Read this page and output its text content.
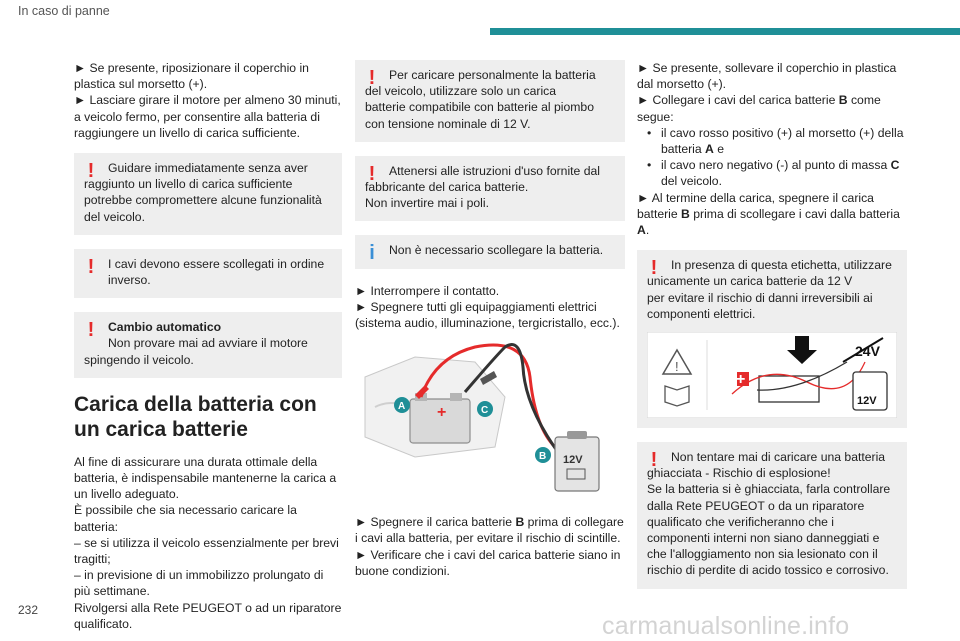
In caso di panne

► Se presente, riposizionare il coperchio in plastica sul morsetto (+).

► Lasciare girare il motore per almeno 30 minuti, a veicolo fermo, per consentire alla batteria di raggiungere un livello di carica sufficiente.

!	Guidare immediatamente senza aver raggiunto un livello di carica sufficiente
potrebbe compromettere alcune funzionalità del veicolo.
!	I cavi devono essere scollegati in ordine inverso.
!	Cambio automatico
Non provare mai ad avviare il motore
spingendo il veicolo.
Carica della batteria con un carica batterie

Al fine di assicurare una durata ottimale della batteria, è indispensabile mantenerne la carica a un livello adeguato.

È possibile che sia necessario caricare la batteria:

– se si utilizza il veicolo essenzialmente per brevi tragitti;

– in previsione di un immobilizzo prolungato di più settimane.

Rivolgersi alla Rete PEUGEOT o ad un riparatore qualificato.

!	Per caricare personalmente la batteria del veicolo, utilizzare solo un carica
batterie compatibile con batterie al piombo con tensione nominale di 12 V.
!	Attenersi alle istruzioni d'uso fornite dal fabbricante del carica batterie.
Non invertire mai i poli.
i	Non è necessario scollegare la batteria.

► Interrompere il contatto.

► Spegnere tutti gli equipaggiamenti elettrici (sistema audio, illuminazione, tergicristallo, ecc.).

+
12V
A	C
B

► Spegnere il carica batterie B prima di collegare i cavi alla batteria, per evitare il rischio di scintille.

► Verificare che i cavi del carica batterie siano in buone condizioni.

► Se presente, sollevare il coperchio in plastica dal morsetto (+).

► Collegare i cavi del carica batterie B come segue:

• il cavo rosso positivo (+) al morsetto (+) della batteria A e
• il cavo nero negativo (-) al punto di massa C del veicolo.

► Al termine della carica, spegnere il carica batterie B prima di scollegare i cavi dalla batteria A.

!	In presenza di questa etichetta, utilizzare unicamente un carica batterie da 12 V
per evitare il rischio di danni irreversibili ai componenti elettrici.
!
+
24V
12V
!	Non tentare mai di caricare una batteria ghiacciata - Rischio di esplosione!
Se la batteria si è ghiacciata, farla controllare dalla Rete PEUGEOT o da un riparatore qualificato che verificheranno che i componenti interni non siano danneggiati e che l'alloggiamento non sia lesionato con il rischio di perdite di acido tossico e corrosivo.
232
carmanualsonline.info
